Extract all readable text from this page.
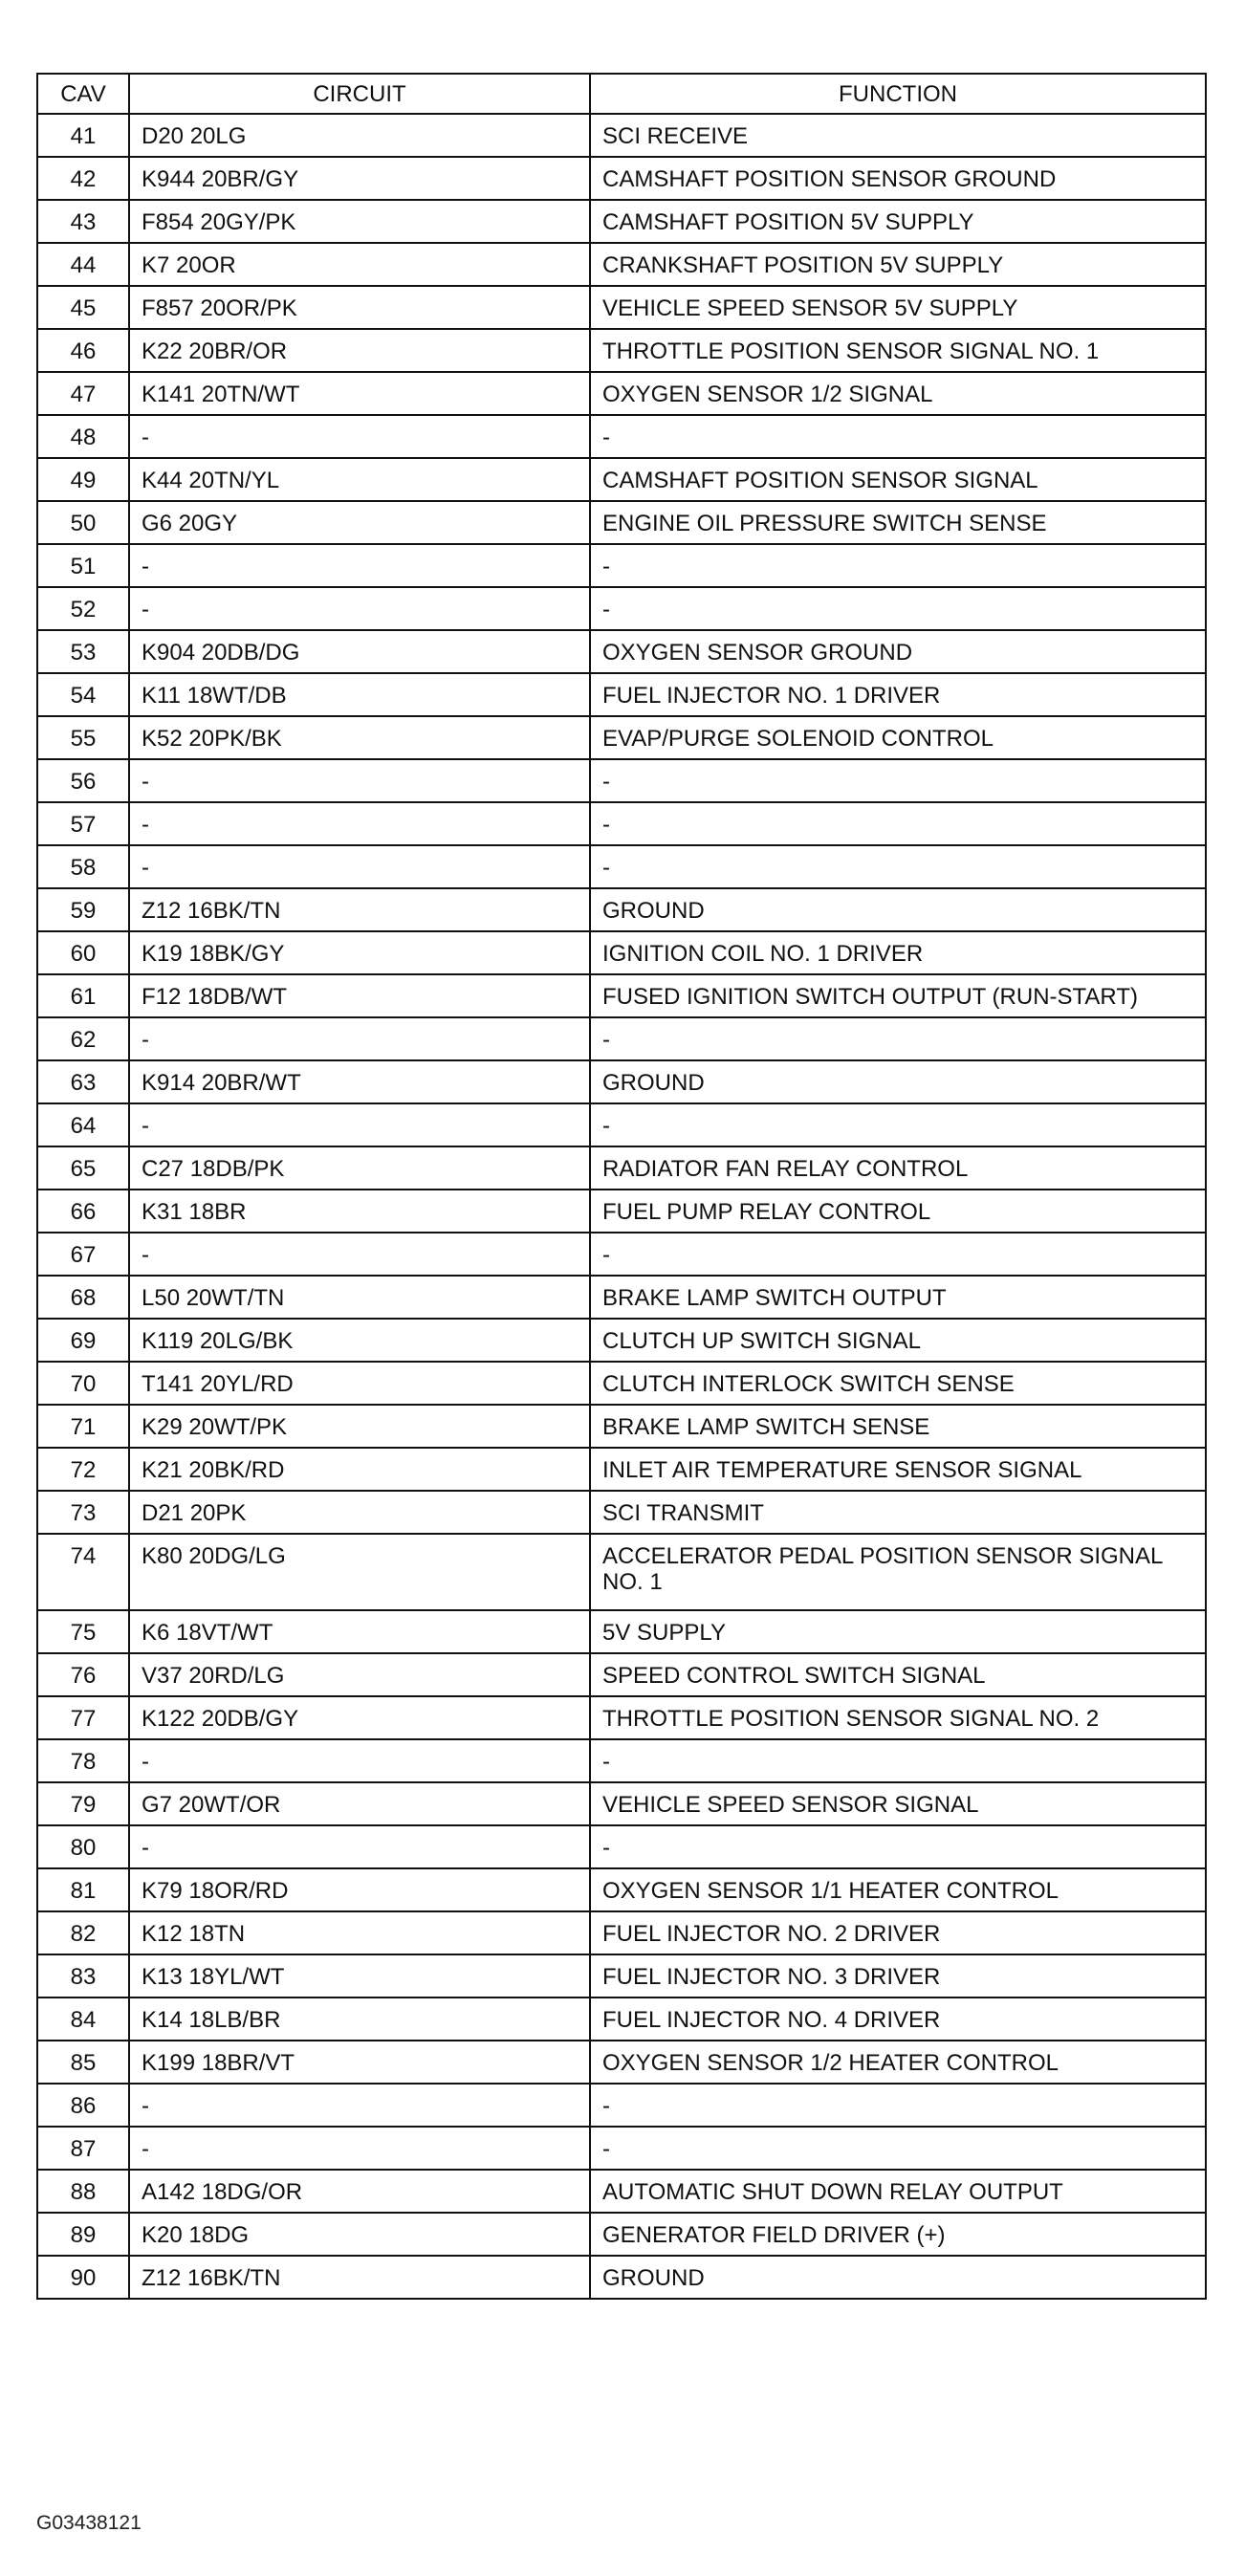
CAV	CIRCUIT	FUNCTION
41	D20 20LG	SCI RECEIVE
42	K944 20BR/GY	CAMSHAFT POSITION SENSOR GROUND
43	F854 20GY/PK	CAMSHAFT POSITION 5V SUPPLY
44	K7 20OR	CRANKSHAFT POSITION 5V SUPPLY
45	F857 20OR/PK	VEHICLE SPEED SENSOR 5V SUPPLY
46	K22 20BR/OR	THROTTLE POSITION SENSOR SIGNAL NO. 1
47	K141 20TN/WT	OXYGEN SENSOR 1/2 SIGNAL
48	-	-
49	K44 20TN/YL	CAMSHAFT POSITION SENSOR SIGNAL
50	G6 20GY	ENGINE OIL PRESSURE SWITCH SENSE
51	-	-
52	-	-
53	K904 20DB/DG	OXYGEN SENSOR GROUND
54	K11 18WT/DB	FUEL INJECTOR NO. 1 DRIVER
55	K52 20PK/BK	EVAP/PURGE SOLENOID CONTROL
56	-	-
57	-	-
58	-	-
59	Z12 16BK/TN	GROUND
60	K19 18BK/GY	IGNITION COIL NO. 1 DRIVER
61	F12 18DB/WT	FUSED IGNITION SWITCH OUTPUT (RUN-START)
62	-	-
63	K914 20BR/WT	GROUND
64	-	-
65	C27 18DB/PK	RADIATOR FAN RELAY CONTROL
66	K31 18BR	FUEL PUMP RELAY CONTROL
67	-	-
68	L50 20WT/TN	BRAKE LAMP SWITCH OUTPUT
69	K119 20LG/BK	CLUTCH UP SWITCH SIGNAL
70	T141 20YL/RD	CLUTCH INTERLOCK SWITCH SENSE
71	K29 20WT/PK	BRAKE LAMP SWITCH SENSE
72	K21 20BK/RD	INLET AIR TEMPERATURE SENSOR SIGNAL
73	D21 20PK	SCI TRANSMIT
74	K80 20DG/LG	ACCELERATOR PEDAL POSITION SENSOR SIGNAL NO. 1
75	K6 18VT/WT	5V SUPPLY
76	V37 20RD/LG	SPEED CONTROL SWITCH SIGNAL
77	K122 20DB/GY	THROTTLE POSITION SENSOR SIGNAL NO. 2
78	-	-
79	G7 20WT/OR	VEHICLE SPEED SENSOR SIGNAL
80	-	-
81	K79 18OR/RD	OXYGEN SENSOR 1/1 HEATER CONTROL
82	K12 18TN	FUEL INJECTOR NO. 2 DRIVER
83	K13 18YL/WT	FUEL INJECTOR NO. 3 DRIVER
84	K14 18LB/BR	FUEL INJECTOR NO. 4 DRIVER
85	K199 18BR/VT	OXYGEN SENSOR 1/2 HEATER CONTROL
86	-	-
87	-	-
88	A142 18DG/OR	AUTOMATIC SHUT DOWN RELAY OUTPUT
89	K20 18DG	GENERATOR FIELD DRIVER (+)
90	Z12 16BK/TN	GROUND
G03438121
